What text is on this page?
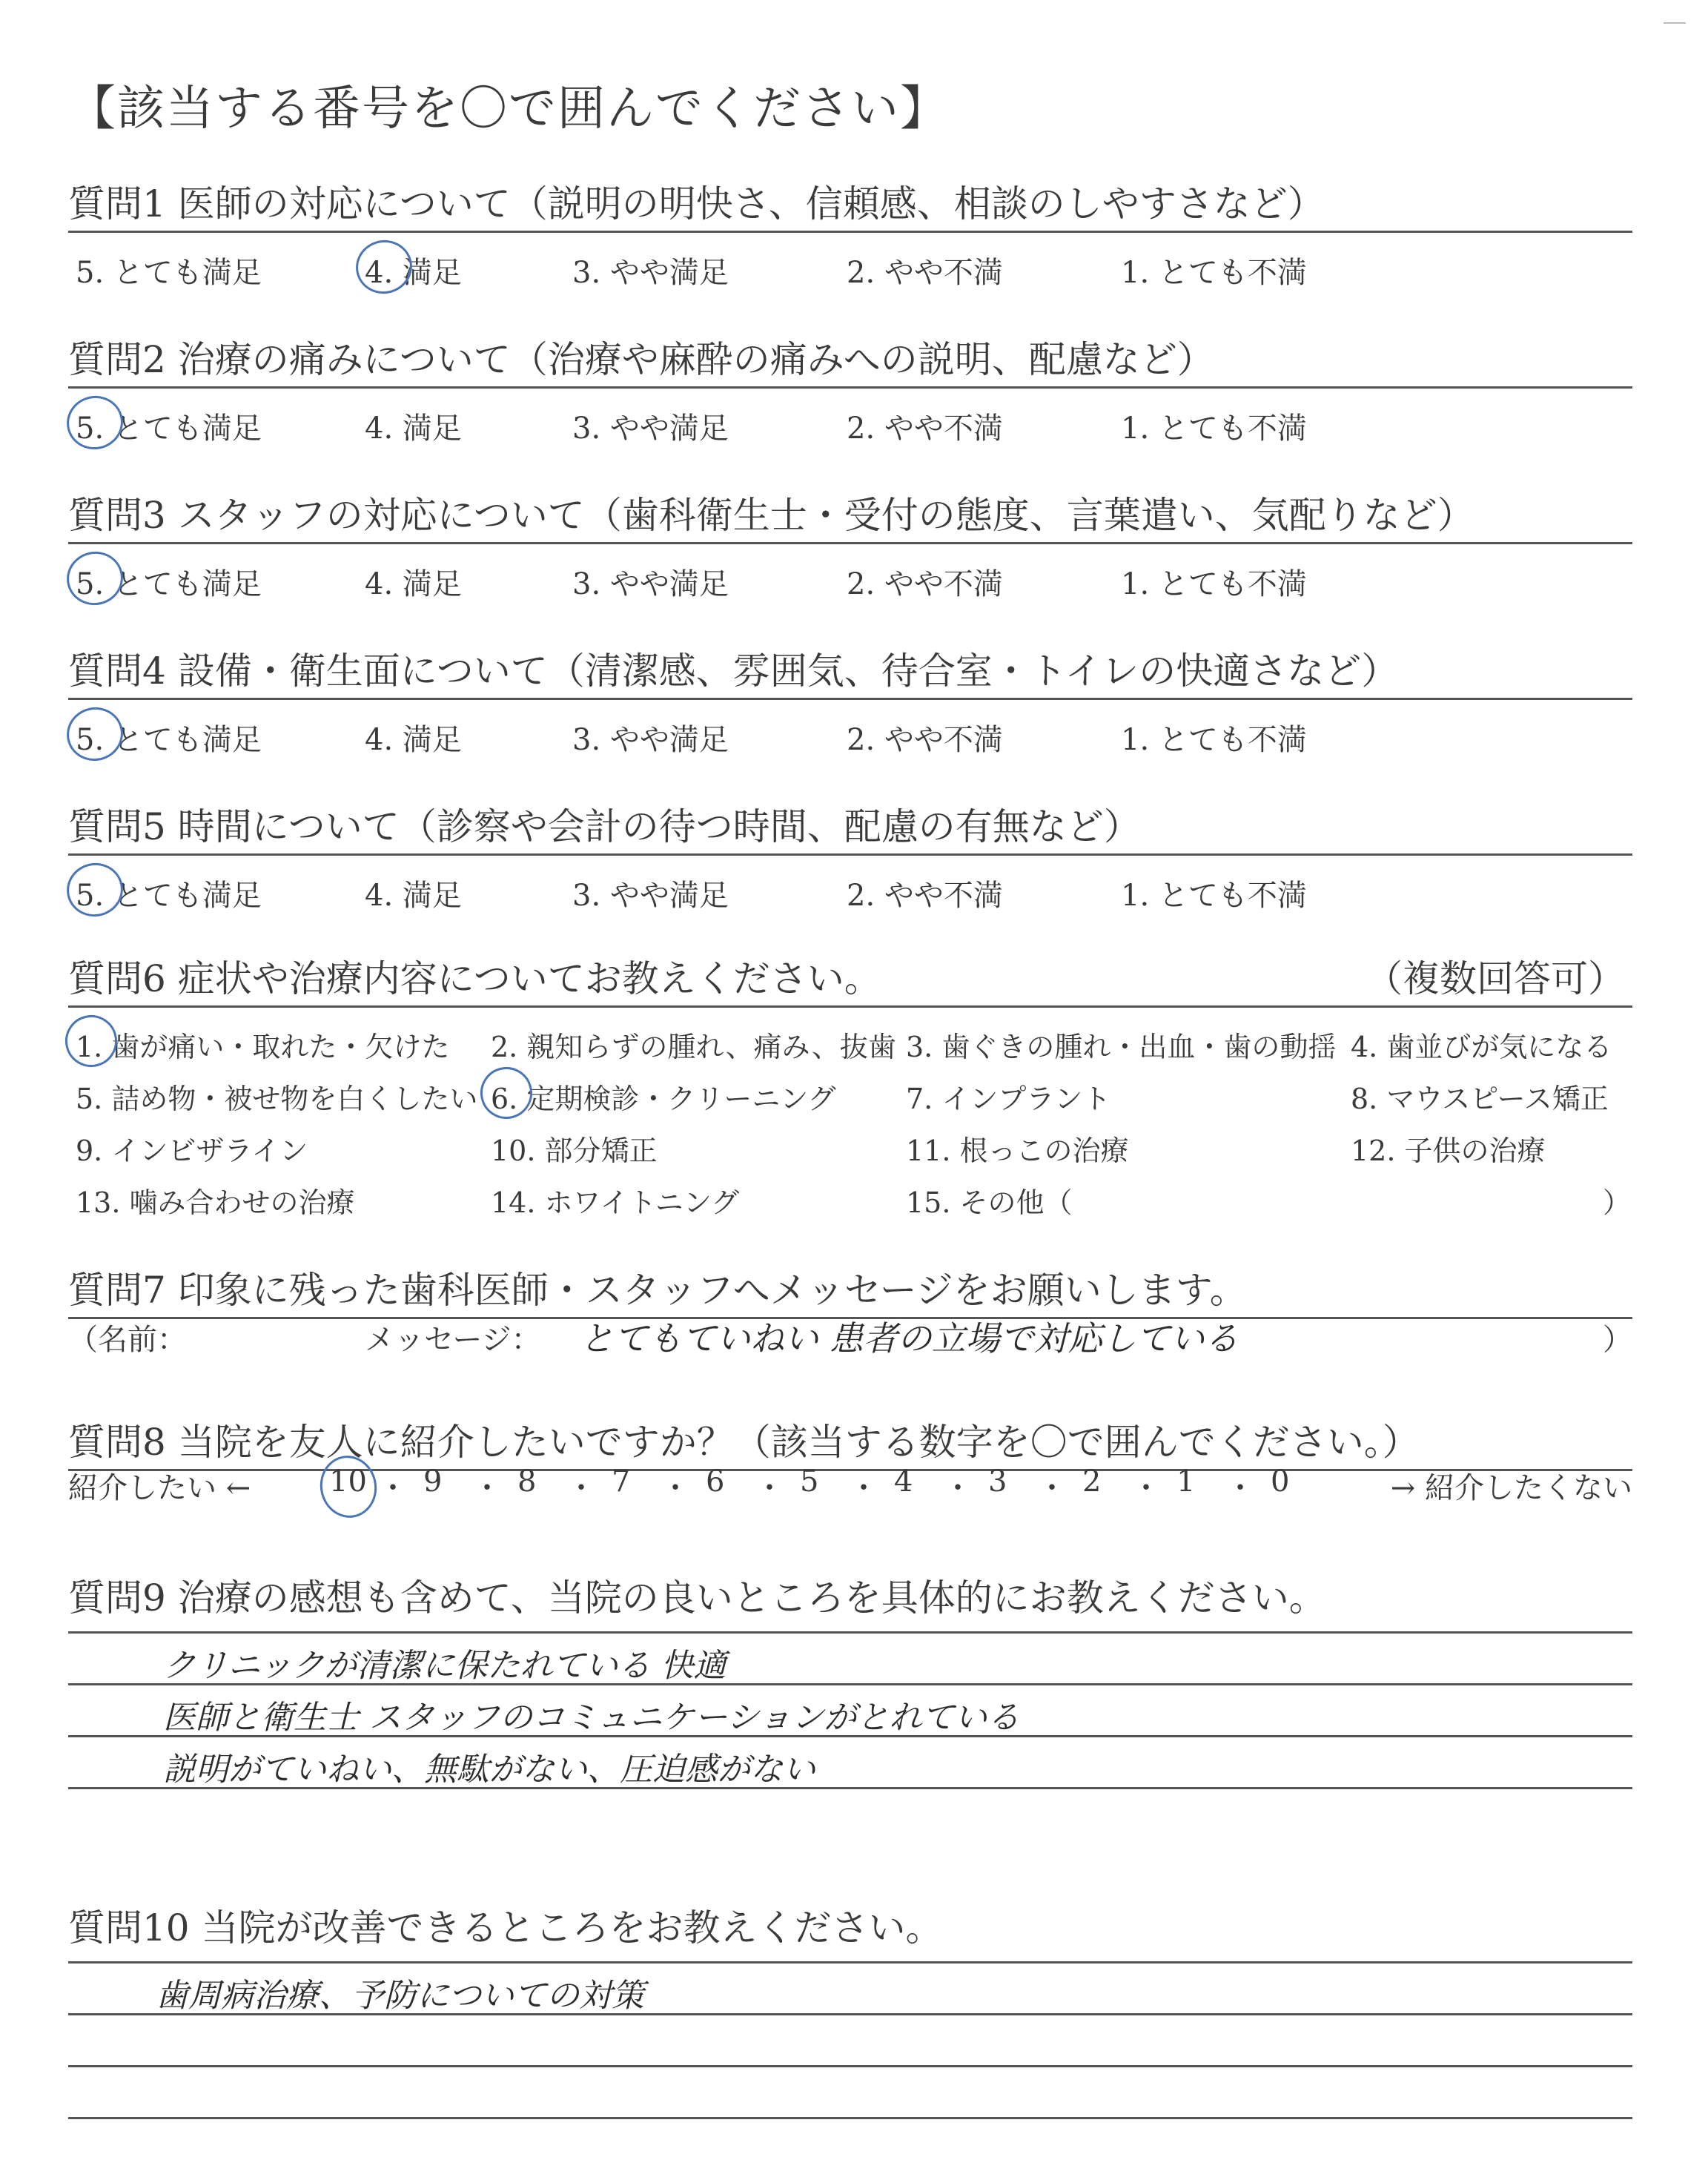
【該当する番号を〇で囲んでください】
質問1 医師の対応について（説明の明快さ、信頼感、相談のしやすさなど）
5. とても満足	4. 満足	3. やや満足	2. やや不満	1. とても不満
質問2 治療の痛みについて（治療や麻酔の痛みへの説明、配慮など）
5. とても満足	4. 満足	3. やや満足	2. やや不満	1. とても不満
質問3 スタッフの対応について（歯科衛生士・受付の態度、言葉遣い、気配りなど）
5. とても満足	4. 満足	3. やや満足	2. やや不満	1. とても不満
質問4 設備・衛生面について（清潔感、雰囲気、待合室・トイレの快適さなど）
5. とても満足	4. 満足	3. やや満足	2. やや不満	1. とても不満
質問5 時間について（診察や会計の待つ時間、配慮の有無など）
5. とても満足	4. 満足	3. やや満足	2. やや不満	1. とても不満
質問6 症状や治療内容についてお教えください。	（複数回答可）
1. 歯が痛い・取れた・欠けた 2. 親知らずの腫れ、痛み、抜歯 3. 歯ぐきの腫れ・出血・歯の動揺 4. 歯並びが気になる
5. 詰め物・被せ物を白くしたい 6. 定期検診・クリーニング 7. インプラント	8. マウスピース矯正
9. インビザライン	10. 部分矯正	11. 根っこの治療	12. 子供の治療
13. 噛み合わせの治療	14. ホワイトニング	15. その他（	）
質問7 印象に残った歯科医師・スタッフへメッセージをお願いします。
（名前：	メッセージ： とてもていねい 患者の立場で対応している	）
質問8 当院を友人に紹介したいですか？（該当する数字を〇で囲んでください。）
紹介したい ←	→ 紹介したくない
10 ・ 9 ・ 8 ・ 7 ・ 6 ・ 5 ・ 4 ・ 3 ・ 2 ・ 1 ・ 0
質問9 治療の感想も含めて、当院の良いところを具体的にお教えください。
クリニックが清潔に保たれている 快適
医師と衛生士 スタッフのコミュニケーションがとれている
説明がていねい、無駄がない、圧迫感がない
質問10 当院が改善できるところをお教えください。
歯周病治療、予防についての対策
